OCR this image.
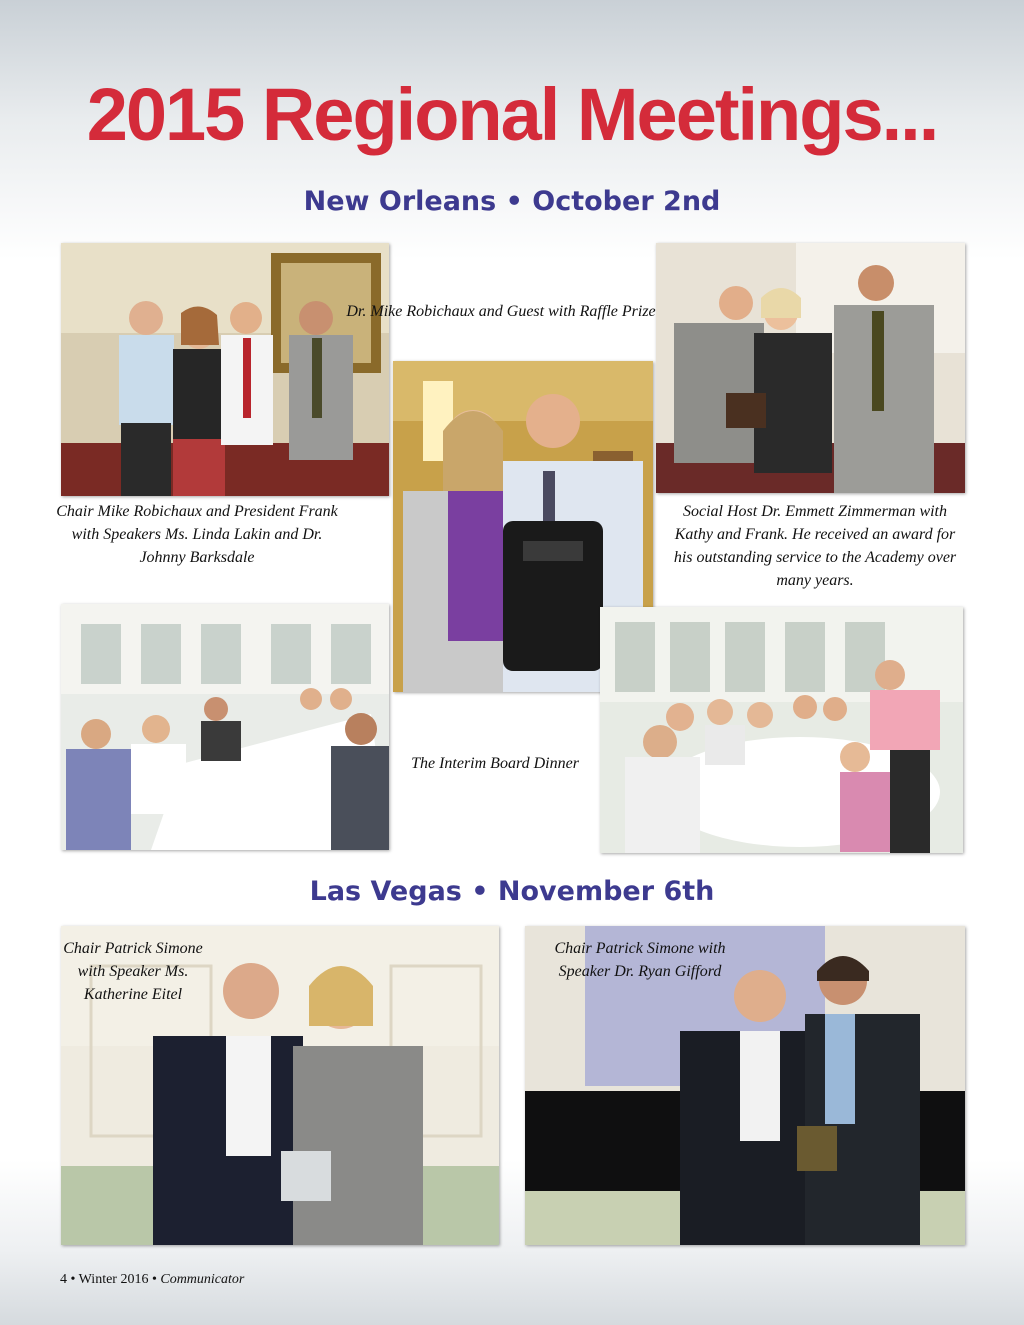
2015 Regional Meetings...
New Orleans • October 2nd
Dr. Mike Robichaux and Guest with Raffle Prize
Chair Mike Robichaux and President Frank with Speakers Ms. Linda Lakin and Dr. Johnny Barksdale
Social Host Dr. Emmett Zimmerman with Kathy and Frank. He received an award for his outstanding service to the Academy over many years.
The Interim Board Dinner
Las Vegas • November 6th
Chair Patrick Simone with Speaker Ms. Katherine Eitel
Chair Patrick Simone with Speaker Dr. Ryan Gifford
4 • Winter 2016 • Communicator
